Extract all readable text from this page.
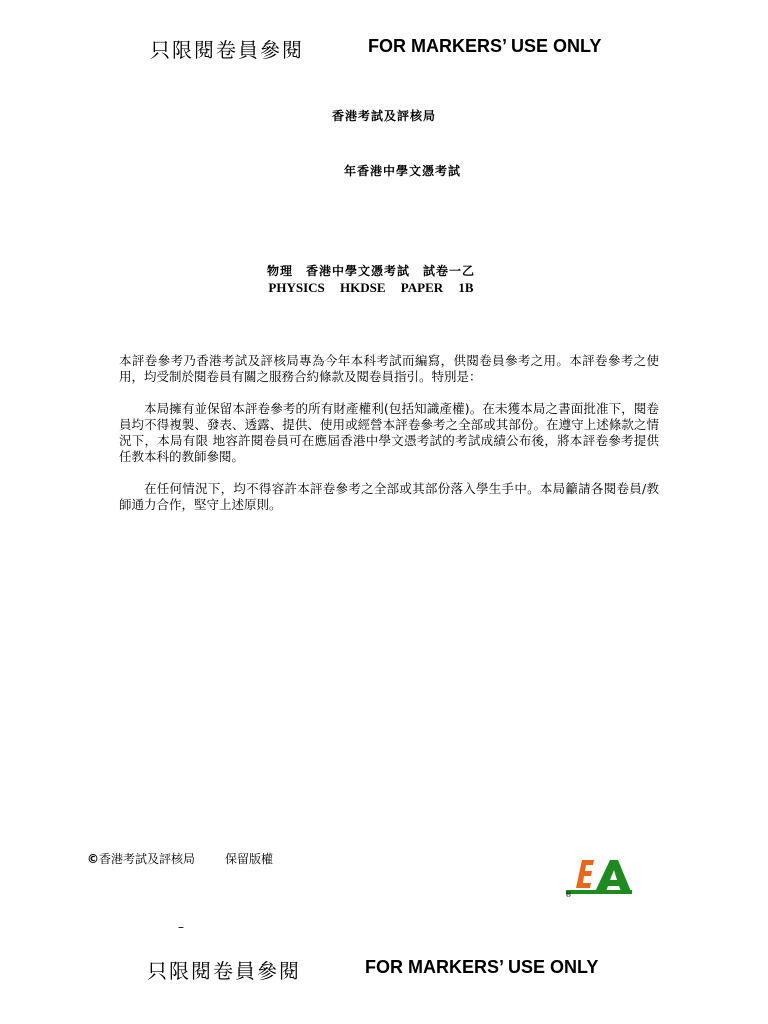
只限閱卷員參閱	FOR MARKERS’ USE ONLY
香港考試及評核局
年香港中學文憑考試
物理　香港中學文憑考試　試卷一乙
PHYSICS HKDSE PAPER 1B

本評卷參考乃香港考試及評核局專為今年本科考試而編寫，供閱卷員參考之用。本評卷參考之使用，均受制於閱卷員有關之服務合約條款及閱卷員指引。特別是：

本局擁有並保留本評卷參考的所有財產權利(包括知識產權)。在未獲本局之書面批准下，閱卷員均不得複製、發表、透露、提供、使用或經營本評卷參考之全部或其部份。在遵守上述條款之情況下，本局有限 地容許閱卷員可在應屆香港中學文憑考試的考試成績公布後，將本評卷參考提供任教本科的教師參閱。

在任何情況下，均不得容許本評卷參考之全部或其部份落入學生手中。本局籲請各閱卷員/教師通力合作，堅守上述原則。

©香港考試及評核局	保留版權
®
–
只限閱卷員參閱	FOR MARKERS’ USE ONLY
